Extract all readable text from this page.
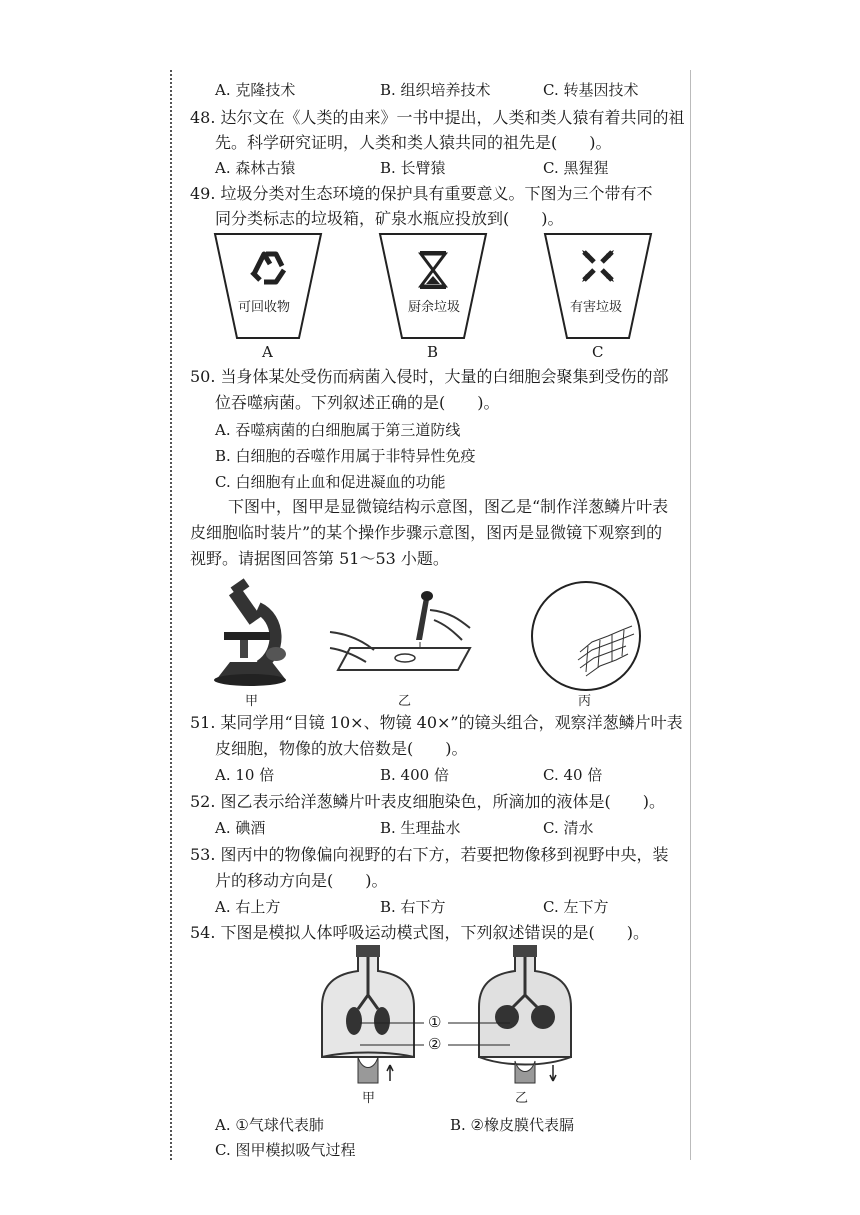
A. 克隆技术	B. 组织培养技术	C. 转基因技术
48. 达尔文在《人类的由来》一书中提出，人类和类人猿有着共同的祖
先。科学研究证明，人类和类人猿共同的祖先是(　　)。
A. 森林古猿	B. 长臂猿	C. 黑猩猩
49. 垃圾分类对生态环境的保护具有重要意义。下图为三个带有不
同分类标志的垃圾箱，矿泉水瓶应投放到(　　)。
可回收物
A
厨余垃圾
B
有害垃圾
C
50. 当身体某处受伤而病菌入侵时，大量的白细胞会聚集到受伤的部
位吞噬病菌。下列叙述正确的是(　　)。
A. 吞噬病菌的白细胞属于第三道防线
B. 白细胞的吞噬作用属于非特异性免疫
C. 白细胞有止血和促进凝血的功能
下图中，图甲是显微镜结构示意图，图乙是“制作洋葱鳞片叶表
皮细胞临时装片”的某个操作步骤示意图，图丙是显微镜下观察到的
视野。请据图回答第 51～53 小题。
甲	乙	丙
51. 某同学用“目镜 10×、物镜 40×”的镜头组合，观察洋葱鳞片叶表
皮细胞，物像的放大倍数是(　　)。
A. 10 倍	B. 400 倍	C. 40 倍
52. 图乙表示给洋葱鳞片叶表皮细胞染色，所滴加的液体是(　　)。
A. 碘酒	B. 生理盐水	C. 清水
53. 图丙中的物像偏向视野的右下方，若要把物像移到视野中央，装
片的移动方向是(　　)。
A. 右上方	B. 右下方	C. 左下方
54. 下图是模拟人体呼吸运动模式图，下列叙述错误的是(　　)。
甲	乙
①
②
A. ①气球代表肺	B. ②橡皮膜代表膈
C. 图甲模拟吸气过程
